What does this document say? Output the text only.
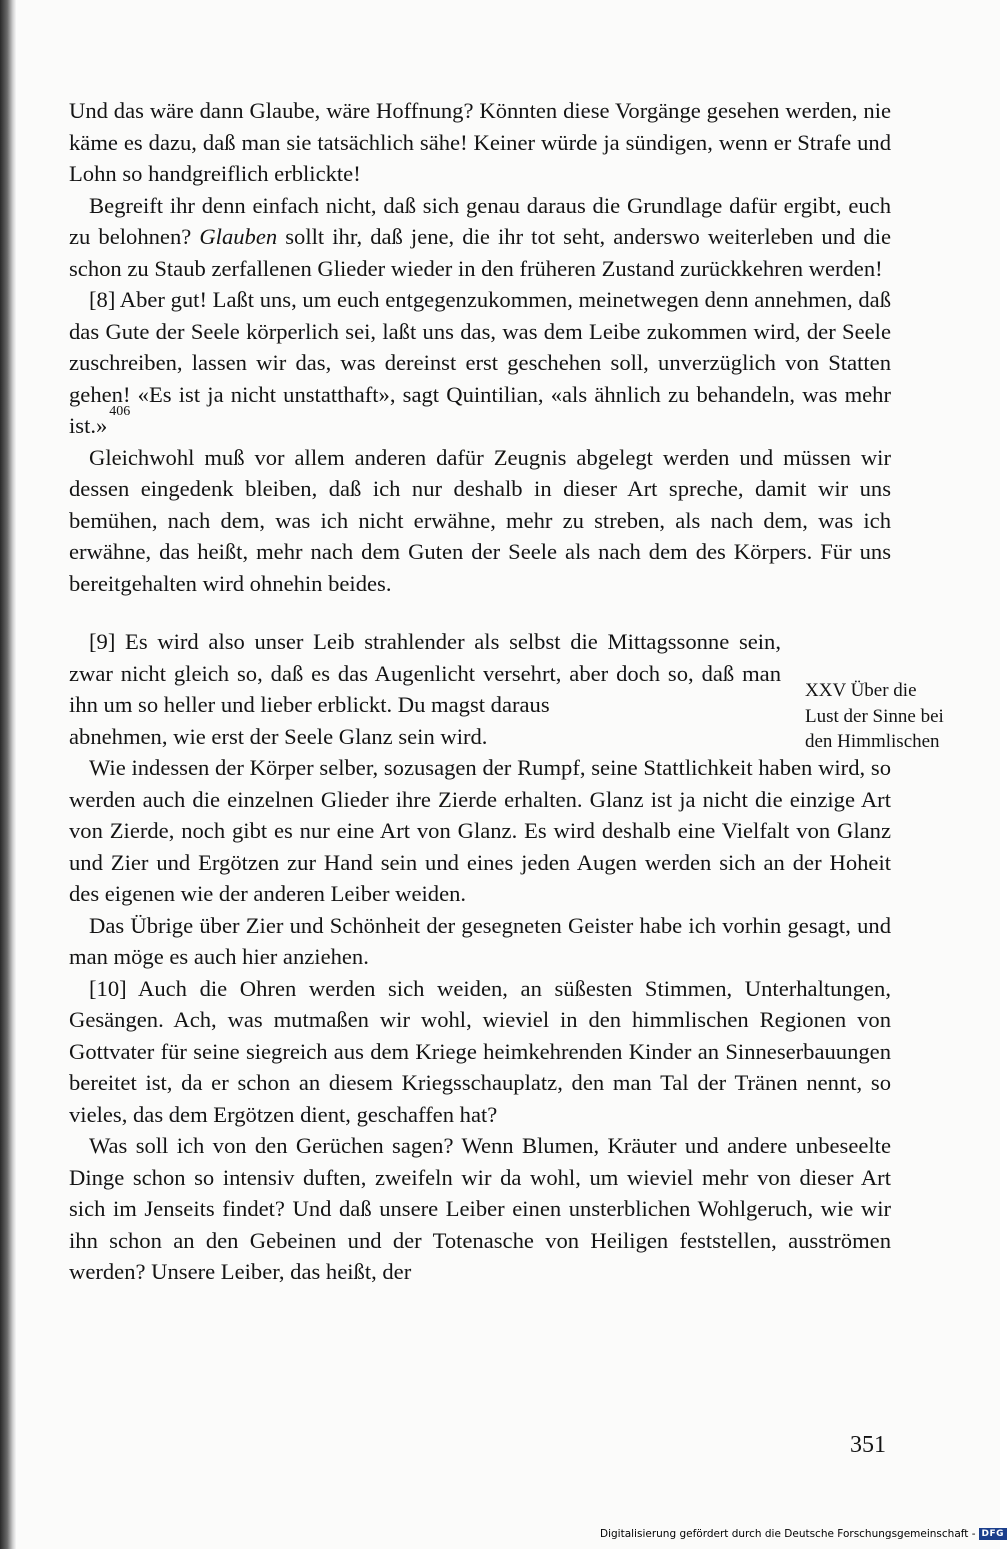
Und das wäre dann Glaube, wäre Hoffnung? Könnten diese Vorgänge gesehen werden, nie käme es dazu, daß man sie tatsächlich sähe! Keiner würde ja sündigen, wenn er Strafe und Lohn so handgreiflich erblickte!

Begreift ihr denn einfach nicht, daß sich genau daraus die Grundlage dafür ergibt, euch zu belohnen? Glauben sollt ihr, daß jene, die ihr tot seht, anderswo weiterleben und die schon zu Staub zerfallenen Glieder wieder in den früheren Zustand zurückkehren werden!

[8] Aber gut! Laßt uns, um euch entgegenzukommen, meinetwegen denn annehmen, daß das Gute der Seele körperlich sei, laßt uns das, was dem Leibe zukommen wird, der Seele zuschreiben, lassen wir das, was dereinst erst geschehen soll, unverzüglich von Statten gehen! «Es ist ja nicht unstatthaft», sagt Quintilian, «als ähnlich zu behandeln, was mehr ist.»$^{406}$

Gleichwohl muß vor allem anderen dafür Zeugnis abgelegt werden und müssen wir dessen eingedenk bleiben, daß ich nur deshalb in dieser Art spreche, damit wir uns bemühen, nach dem, was ich nicht erwähne, mehr zu streben, als nach dem, was ich erwähne, das heißt, mehr nach dem Guten der Seele als nach dem des Körpers. Für uns bereitgehalten wird ohnehin beides.

[9] Es wird also unser Leib strahlender als selbst die Mittagssonne sein, zwar nicht gleich so, daß es das Augenlicht versehrt, aber doch so, daß man ihn um so heller und lieber erblickt. Du magst daraus

abnehmen, wie erst der Seele Glanz sein wird.

Wie indessen der Körper selber, sozusagen der Rumpf, seine Stattlichkeit haben wird, so werden auch die einzelnen Glieder ihre Zierde erhalten. Glanz ist ja nicht die einzige Art von Zierde, noch gibt es nur eine Art von Glanz. Es wird deshalb eine Vielfalt von Glanz und Zier und Ergötzen zur Hand sein und eines jeden Augen werden sich an der Hoheit des eigenen wie der anderen Leiber weiden.

Das Übrige über Zier und Schönheit der gesegneten Geister habe ich vorhin gesagt, und man möge es auch hier anziehen.

[10] Auch die Ohren werden sich weiden, an süßesten Stimmen, Unterhaltungen, Gesängen. Ach, was mutmaßen wir wohl, wieviel in den himmlischen Regionen von Gottvater für seine siegreich aus dem Kriege heimkehrenden Kinder an Sinneserbauungen bereitet ist, da er schon an diesem Kriegsschauplatz, den man Tal der Tränen nennt, so vieles, das dem Ergötzen dient, geschaffen hat?

Was soll ich von den Gerüchen sagen? Wenn Blumen, Kräuter und andere unbeseelte Dinge schon so intensiv duften, zweifeln wir da wohl, um wieviel mehr von dieser Art sich im Jenseits findet? Und daß unsere Leiber einen unsterblichen Wohlgeruch, wie wir ihn schon an den Gebeinen und der Totenasche von Heiligen feststellen, ausströmen werden? Unsere Leiber, das heißt, der

XXV Über die
Lust der Sinne bei
den Himmlischen
351
Digitalisierung gefördert durch die Deutsche Forschungsgemeinschaft - DFG
